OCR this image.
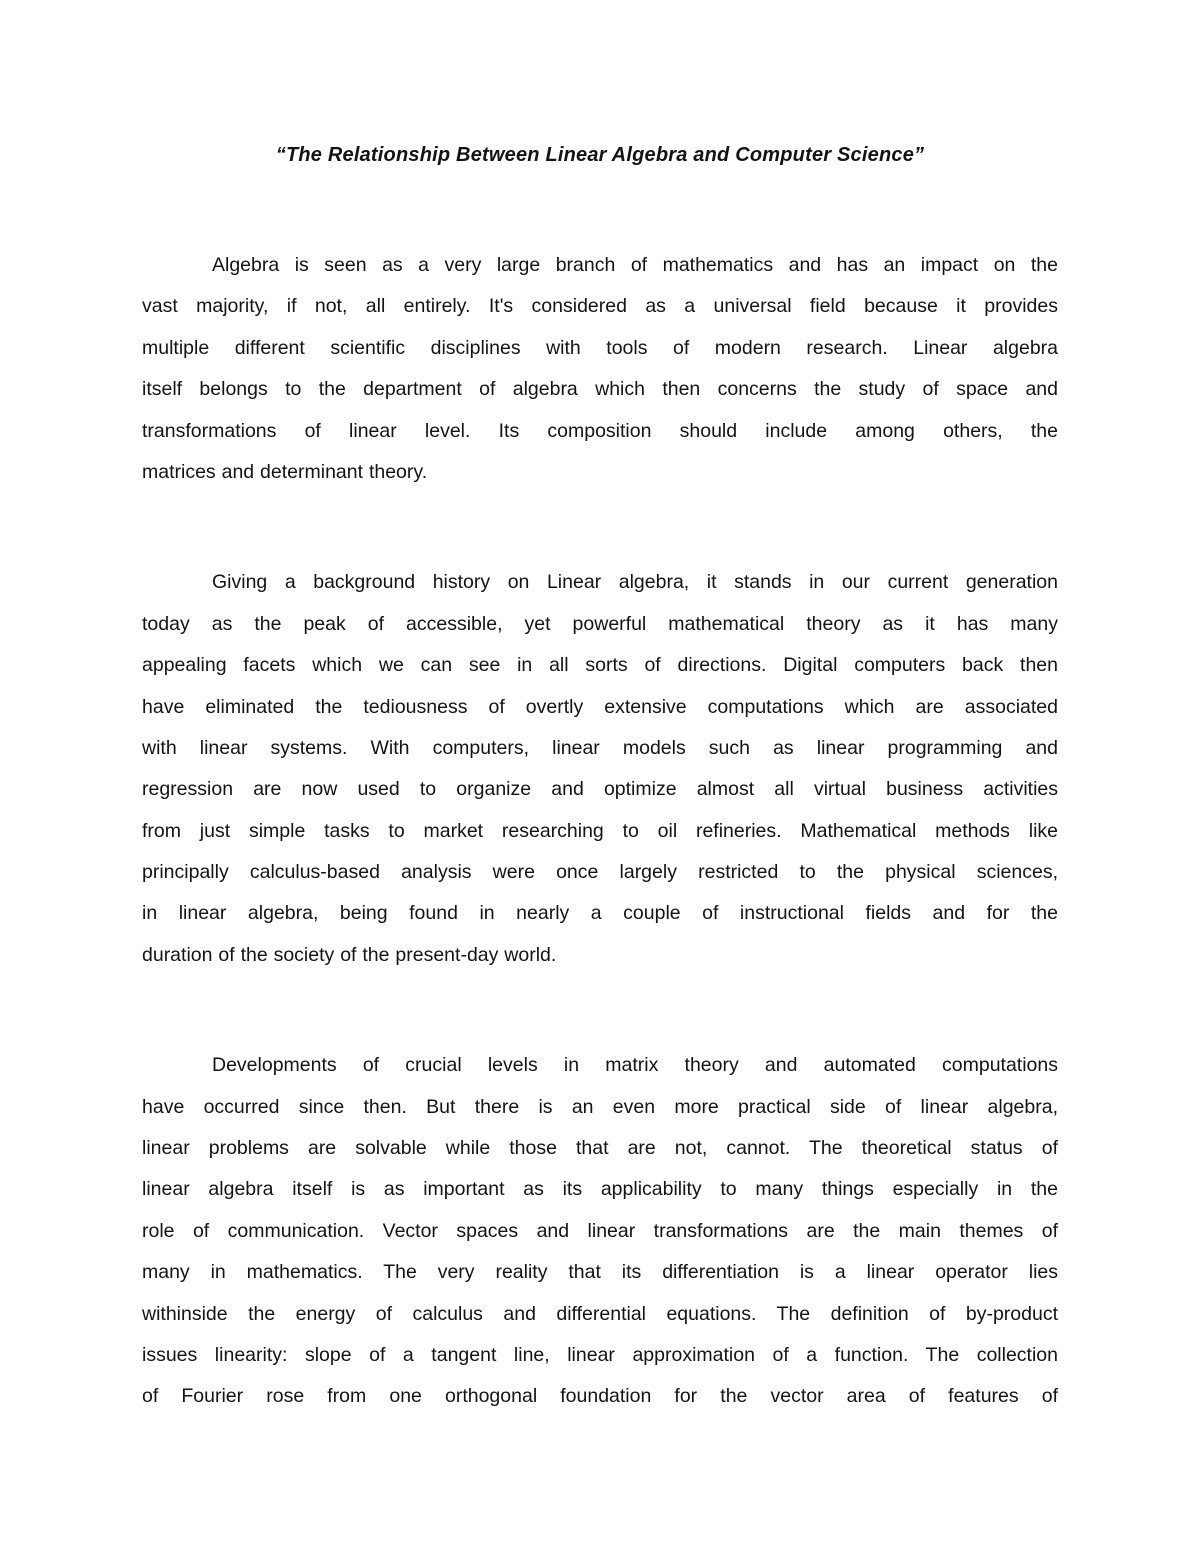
“The Relationship Between Linear Algebra and Computer Science”
Algebra is seen as a very large branch of mathematics and has an impact on the
vast majority, if not, all entirely. It's considered as a universal field because it provides
multiple different scientific disciplines with tools of modern research. Linear algebra
itself belongs to the department of algebra which then concerns the study of space and
transformations of linear level. Its composition should include among others, the
matrices and determinant theory.
Giving a background history on Linear algebra, it stands in our current generation
today as the peak of accessible, yet powerful mathematical theory as it has many
appealing facets which we can see in all sorts of directions. Digital computers back then
have eliminated the tediousness of overtly extensive computations which are associated
with linear systems. With computers, linear models such as linear programming and
regression are now used to organize and optimize almost all virtual business activities
from just simple tasks to market researching to oil refineries. Mathematical methods like
principally calculus-based analysis were once largely restricted to the physical sciences,
in linear algebra, being found in nearly a couple of instructional fields and for the
duration of the society of the present-day world.
Developments of crucial levels in matrix theory and automated computations
have occurred since then. But there is an even more practical side of linear algebra,
linear problems are solvable while those that are not, cannot. The theoretical status of
linear algebra itself is as important as its applicability to many things especially in the
role of communication. Vector spaces and linear transformations are the main themes of
many in mathematics. The very reality that its differentiation is a linear operator lies
withinside the energy of calculus and differential equations. The definition of by-product
issues linearity: slope of a tangent line, linear approximation of a function. The collection
of Fourier rose from one orthogonal foundation for the vector area of features of
